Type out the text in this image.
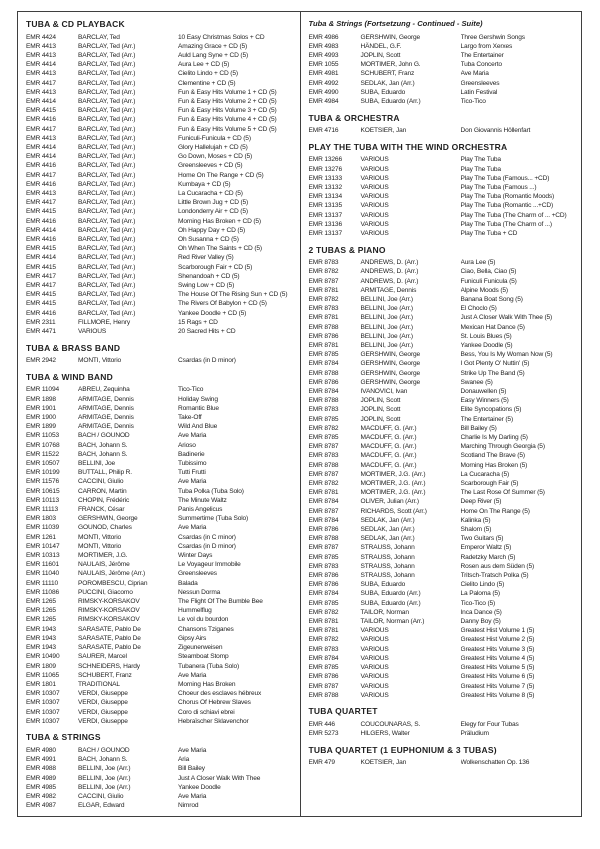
TUBA & CD PLAYBACK
EMR 4424	BARCLAY, Ted	10 Easy Christmas Solos + CD
EMR 4413	BARCLAY, Ted (Arr.)	Amazing Grace + CD (5)
EMR 4413	BARCLAY, Ted (Arr.)	Auld Lang Syne + CD (5)
EMR 4414	BARCLAY, Ted (Arr.)	Aura Lee + CD (5)
EMR 4413	BARCLAY, Ted (Arr.)	Cielito Lindo + CD (5)
EMR 4417	BARCLAY, Ted (Arr.)	Clementine + CD (5)
EMR 4413	BARCLAY, Ted (Arr.)	Fun & Easy Hits Volume 1 + CD (5)
EMR 4414	BARCLAY, Ted (Arr.)	Fun & Easy Hits Volume 2 + CD (5)
EMR 4415	BARCLAY, Ted (Arr.)	Fun & Easy Hits Volume 3 + CD (5)
EMR 4416	BARCLAY, Ted (Arr.)	Fun & Easy Hits Volume 4 + CD (5)
EMR 4417	BARCLAY, Ted (Arr.)	Fun & Easy Hits Volume 5 + CD (5)
EMR 4413	BARCLAY, Ted (Arr.)	Funiculi-Funicula + CD (5)
EMR 4414	BARCLAY, Ted (Arr.)	Glory Hallelujah + CD (5)
EMR 4414	BARCLAY, Ted (Arr.)	Go Down, Moses + CD (5)
EMR 4416	BARCLAY, Ted (Arr.)	Greensleeves + CD (5)
EMR 4417	BARCLAY, Ted (Arr.)	Home On The Range + CD (5)
EMR 4416	BARCLAY, Ted (Arr.)	Kumbaya + CD (5)
EMR 4413	BARCLAY, Ted (Arr.)	La Cucaracha + CD (5)
EMR 4417	BARCLAY, Ted (Arr.)	Little Brown Jug + CD (5)
EMR 4415	BARCLAY, Ted (Arr.)	Londonderry Air + CD (5)
EMR 4416	BARCLAY, Ted (Arr.)	Morning Has Broken + CD (5)
EMR 4414	BARCLAY, Ted (Arr.)	Oh Happy Day + CD (5)
EMR 4416	BARCLAY, Ted (Arr.)	Oh Susanna + CD (5)
EMR 4415	BARCLAY, Ted (Arr.)	Oh When The Saints + CD (5)
EMR 4414	BARCLAY, Ted (Arr.)	Red River Valley (5)
EMR 4415	BARCLAY, Ted (Arr.)	Scarborough Fair + CD (5)
EMR 4417	BARCLAY, Ted (Arr.)	Shenandoah + CD (5)
EMR 4417	BARCLAY, Ted (Arr.)	Swing Low + CD (5)
EMR 4415	BARCLAY, Ted (Arr.)	The House Of The Rising Sun + CD (5)
EMR 4415	BARCLAY, Ted (Arr.)	The Rivers Of Babylon + CD (5)
EMR 4416	BARCLAY, Ted (Arr.)	Yankee Doodle + CD (5)
EMR 2311	FILLMORE, Henry	15 Rags + CD
EMR 4471	VARIOUS	20 Sacred Hits + CD
TUBA & BRASS BAND
EMR 2942	MONTI, Vittorio	Csardas (in D minor)
TUBA & WIND BAND
EMR 11094	ABREU, Zequinha	Tico-Tico
EMR 1898	ARMITAGE, Dennis	Holiday Swing
EMR 1901	ARMITAGE, Dennis	Romantic Blue
EMR 1900	ARMITAGE, Dennis	Take-Off
EMR 1899	ARMITAGE, Dennis	Wild And Blue
EMR 11053	BACH / GOUNOD	Ave Maria
EMR 10768	BACH, Johann S.	Arioso
EMR 11522	BACH, Johann S.	Badinerie
EMR 10507	BELLINI, Joe	Tubissimo
EMR 10199	BUTTALL, Philip R.	Tutti Frutti
EMR 11576	CACCINI, Giulio	Ave Maria
EMR 10615	CARRON, Martin	Tuba Polka (Tuba Solo)
EMR 10113	CHOPIN, Frédéric	The Minute Waltz
EMR 11113	FRANCK, César	Panis Angelicus
EMR 1803	GERSHWIN, George	Summertime (Tuba Solo)
EMR 11039	GOUNOD, Charles	Ave Maria
EMR 1261	MONTI, Vittorio	Csardas (in C minor)
EMR 10147	MONTI, Vittorio	Csardas (in D minor)
EMR 10313	MORTIMER, J.G.	Winter Days
EMR 11601	NAULAIS, Jérôme	Le Voyageur Immobile
EMR 11040	NAULAIS, Jérôme (Arr.)	Greensleeves
EMR 11110	POROMBESCU, Ciprian	Balada
EMR 11086	PUCCINI, Giacomo	Nessun Dorma
EMR 1265	RIMSKY-KORSAKOV	The Flight Of The Bumble Bee
EMR 1265	RIMSKY-KORSAKOV	Hummelflug
EMR 1265	RIMSKY-KORSAKOV	Le vol du bourdon
EMR 1943	SARASATE, Pablo De	Chansons Tziganes
EMR 1943	SARASATE, Pablo De	Gipsy Airs
EMR 1943	SARASATE, Pablo De	Zigeunerweisen
EMR 10490	SAURER, Marcel	Steamboat Stomp
EMR 1809	SCHNEIDERS, Hardy	Tubanera (Tuba Solo)
EMR 11065	SCHUBERT, Franz	Ave Maria
EMR 1801	TRADITIONAL	Morning Has Broken
EMR 10307	VERDI, Giuseppe	Choeur des esclaves hébreux
EMR 10307	VERDI, Giuseppe	Chorus Of Hebrew Slaves
EMR 10307	VERDI, Giuseppe	Coro di schiavi ebrei
EMR 10307	VERDI, Giuseppe	Hebraïscher Sklavenchor
TUBA & STRINGS
EMR 4980	BACH / GOUNOD	Ave Maria
EMR 4991	BACH, Johann S.	Aria
EMR 4988	BELLINI, Joe (Arr.)	Bill Bailey
EMR 4989	BELLINI, Joe (Arr.)	Just A Closer Walk With Thee
EMR 4985	BELLINI, Joe (Arr.)	Yankee Doodle
EMR 4982	CACCINI, Giulio	Ave Maria
EMR 4987	ELGAR, Edward	Nimrod
Tuba & Strings (Fortsetzung - Continued - Suite)
EMR 4986	GERSHWIN, George	Three Gershwin Songs
EMR 4983	HÄNDEL, G.F.	Largo from Xerxes
EMR 4993	JOPLIN, Scott	The Entertainer
EMR 1055	MORTIMER, John G.	Tuba Concerto
EMR 4981	SCHUBERT, Franz	Ave Maria
EMR 4992	SEDLAK, Jan (Arr.)	Greensleeves
EMR 4990	SUBA, Eduardo	Latin Festival
EMR 4984	SUBA, Eduardo (Arr.)	Tico-Tico
TUBA & ORCHESTRA
EMR 4716	KOETSIER, Jan	Don Giovannis Höllenfart
PLAY THE TUBA WITH THE WIND ORCHESTRA
EMR 13266	VARIOUS	Play The Tuba
EMR 13276	VARIOUS	Play The Tuba
EMR 13133	VARIOUS	Play The Tuba (Famous... +CD)
EMR 13132	VARIOUS	Play The Tuba (Famous ...)
EMR 13134	VARIOUS	Play The Tuba (Romantic Moods)
EMR 13135	VARIOUS	Play The Tuba (Romantic ...+CD)
EMR 13137	VARIOUS	Play The Tuba (The Charm of ... +CD)
EMR 13136	VARIOUS	Play The Tuba (The Charm of ...)
EMR 13137	VARIOUS	Play The Tuba + CD
2 TUBAS & PIANO
EMR 8783	ANDREWS, D. (Arr.)	Aura Lee (5)
EMR 8782	ANDREWS, D. (Arr.)	Ciao, Bella, Ciao (5)
EMR 8787	ANDREWS, D. (Arr.)	Funiculi Funicula (5)
EMR 8781	ARMITAGE, Dennis	Alpine Moods (5)
EMR 8782	BELLINI, Joe (Arr.)	Banana Boat Song (5)
EMR 8783	BELLINI, Joe (Arr.)	El Choclo (5)
EMR 8781	BELLINI, Joe (Arr.)	Just A Closer Walk With Thee (5)
EMR 8788	BELLINI, Joe (Arr.)	Mexican Hat Dance (5)
EMR 8786	BELLINI, Joe (Arr.)	St. Louis Blues (5)
EMR 8781	BELLINI, Joe (Arr.)	Yankee Doodle (5)
EMR 8785	GERSHWIN, George	Bess, You Is My Woman Now (5)
EMR 8784	GERSHWIN, George	I Got Plenty O' Nuttin' (5)
EMR 8788	GERSHWIN, George	Strike Up The Band (5)
EMR 8786	GERSHWIN, George	Swanee (5)
EMR 8784	IVANOVICI, Ivan	Donauwellen (5)
EMR 8788	JOPLIN, Scott	Easy Winners (5)
EMR 8783	JOPLIN, Scott	Elite Syncopations (5)
EMR 8785	JOPLIN, Scott	The Entertainer (5)
EMR 8782	MACDUFF, G. (Arr.)	Bill Bailey (5)
EMR 8785	MACDUFF, G. (Arr.)	Charlie Is My Darling (5)
EMR 8787	MACDUFF, G. (Arr.)	Marching Through Georgia (5)
EMR 8783	MACDUFF, G. (Arr.)	Scotland The Brave (5)
EMR 8788	MACDUFF, G. (Arr.)	Morning Has Broken (5)
EMR 8787	MORTIMER, J.G. (Arr.)	La Cucaracha (5)
EMR 8782	MORTIMER, J.G. (Arr.)	Scarborough Fair (5)
EMR 8781	MORTIMER, J.G. (Arr.)	The Last Rose Of Summer (5)
EMR 8784	OLIVER, Julian (Arr.)	Deep River (5)
EMR 8787	RICHARDS, Scott (Arr.)	Home On The Range (5)
EMR 8784	SEDLAK, Jan (Arr.)	Kalinka (5)
EMR 8786	SEDLAK, Jan (Arr.)	Shalom (5)
EMR 8788	SEDLAK, Jan (Arr.)	Two Guitars (5)
EMR 8787	STRAUSS, Johann	Emperor Waltz (5)
EMR 8785	STRAUSS, Johann	Radetzky March (5)
EMR 8783	STRAUSS, Johann	Rosen aus dem Süden (5)
EMR 8786	STRAUSS, Johann	Tritsch-Tratsch Polka (5)
EMR 8786	SUBA, Eduardo	Cielito Lindo (5)
EMR 8784	SUBA, Eduardo (Arr.)	La Paloma (5)
EMR 8785	SUBA, Eduardo (Arr.)	Tico-Tico (5)
EMR 8782	TAILOR, Norman	Inca Dance (5)
EMR 8781	TAILOR, Norman (Arr.)	Danny Boy (5)
EMR 8781	VARIOUS	Greatest Hist Volume 1 (5)
EMR 8782	VARIOUS	Greatest Hist Volume 2 (5)
EMR 8783	VARIOUS	Greatest Hits Volume 3 (5)
EMR 8784	VARIOUS	Greatest Hits Volume 4 (5)
EMR 8785	VARIOUS	Greatest Hits Volume 5 (5)
EMR 8786	VARIOUS	Greatest Hits Volume 6 (5)
EMR 8787	VARIOUS	Greatest Hits Volume 7 (5)
EMR 8788	VARIOUS	Greatest Hits Volume 8 (5)
TUBA QUARTET
EMR 446	COUCOUNARAS, S.	Elegy for Four Tubas
EMR 5273	HILGERS, Walter	Präludium
TUBA QUARTET (1 EUPHONIUM & 3 TUBAS)
EMR 479	KOETSIER, Jan	Wolkenschatten Op. 136
